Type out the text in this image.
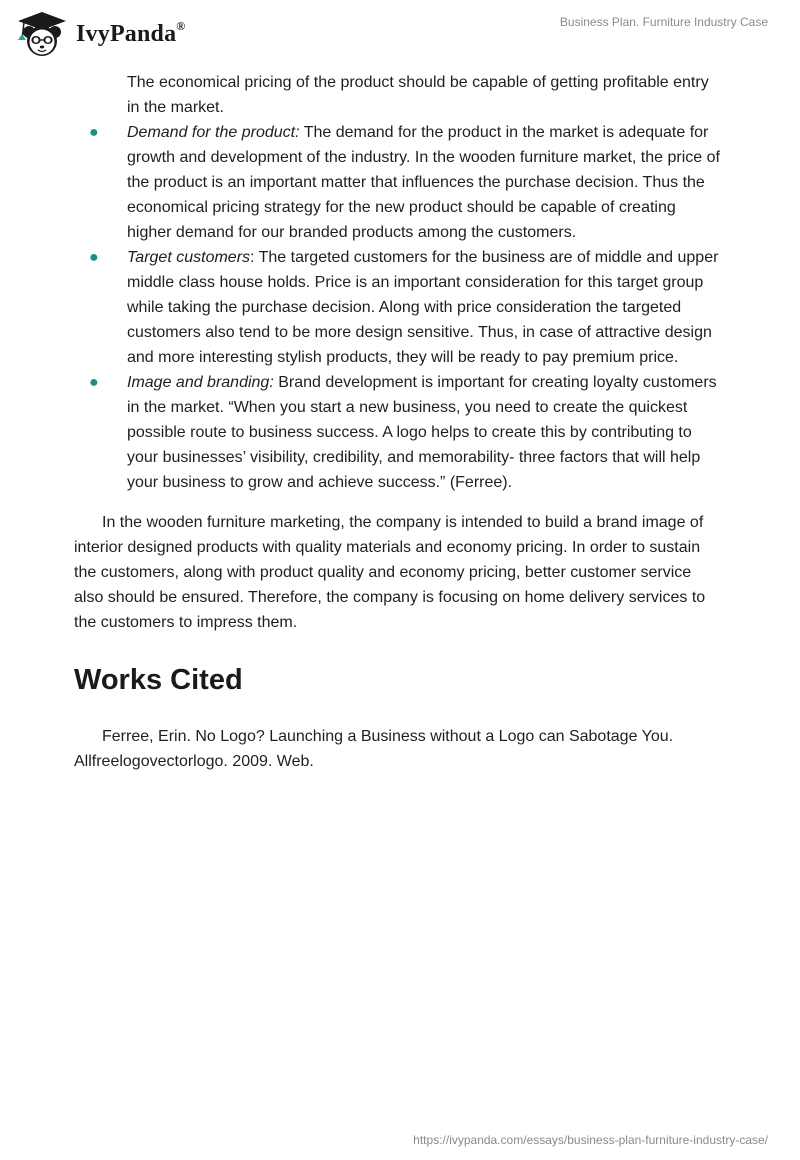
IvyPanda®	Business Plan. Furniture Industry Case

The economical pricing of the product should be capable of getting profitable entry in the market.

● Demand for the product: The demand for the product in the market is adequate for growth and development of the industry. In the wooden furniture market, the price of the product is an important matter that influences the purchase decision. Thus the economical pricing strategy for the new product should be capable of creating higher demand for our branded products among the customers.
● Target customers: The targeted customers for the business are of middle and upper middle class house holds. Price is an important consideration for this target group while taking the purchase decision. Along with price consideration the targeted customers also tend to be more design sensitive. Thus, in case of attractive design and more interesting stylish products, they will be ready to pay premium price.
● Image and branding: Brand development is important for creating loyalty customers in the market. “When you start a new business, you need to create the quickest possible route to business success. A logo helps to create this by contributing to your businesses’ visibility, credibility, and memorability- three factors that will help your business to grow and achieve success.” (Ferree).

In the wooden furniture marketing, the company is intended to build a brand image of interior designed products with quality materials and economy pricing. In order to sustain the customers, along with product quality and economy pricing, better customer service also should be ensured. Therefore, the company is focusing on home delivery services to the customers to impress them.

Works Cited

Ferree, Erin. No Logo? Launching a Business without a Logo can Sabotage You. Allfreelogovectorlogo. 2009. Web.

https://ivypanda.com/essays/business-plan-furniture-industry-case/
